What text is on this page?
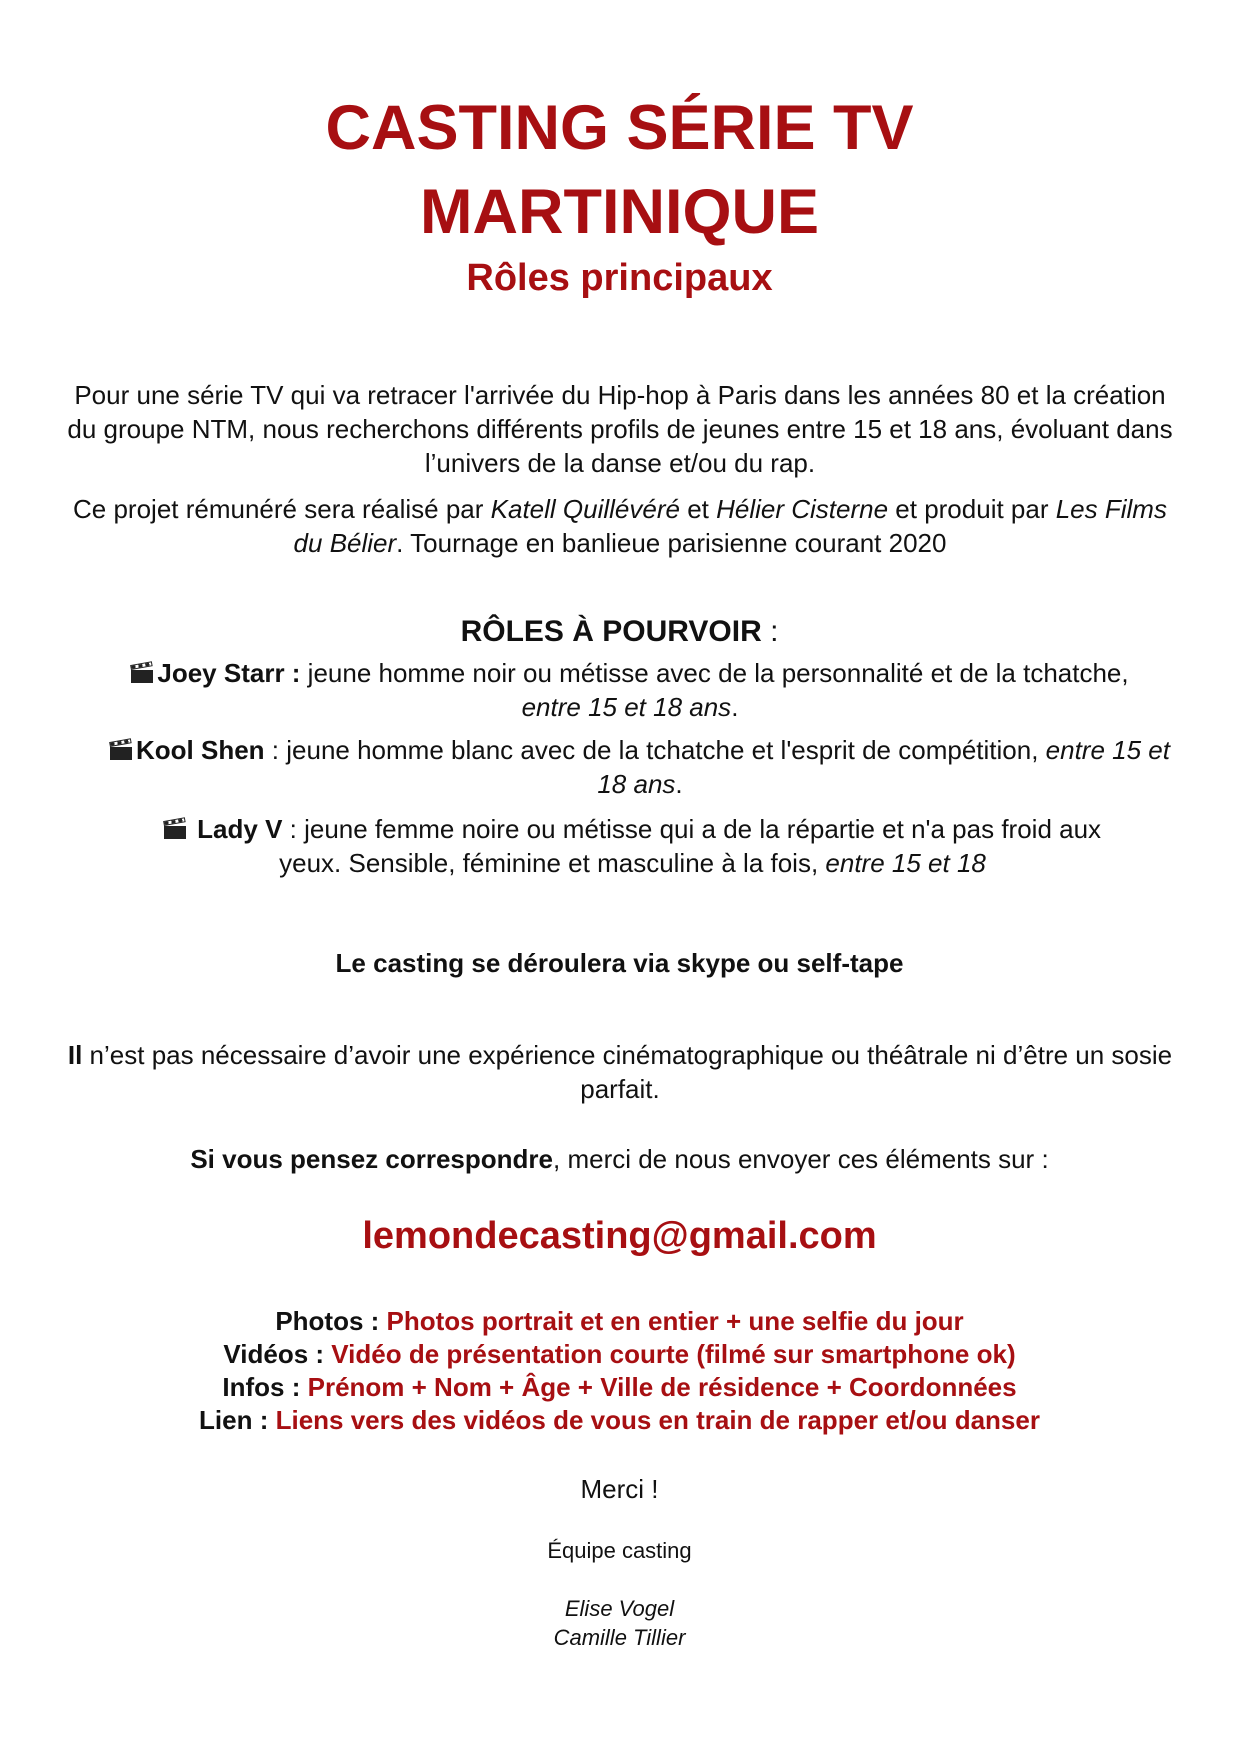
CASTING SÉRIE TV
MARTINIQUE
Rôles principaux

Pour une série TV qui va retracer l'arrivée du Hip-hop à Paris dans les années 80 et la création du groupe NTM, nous recherchons différents profils de jeunes entre 15 et 18 ans, évoluant dans l’univers de la danse et/ou du rap.

Ce projet rémunéré sera réalisé par Katell Quillévéré et Hélier Cisterne et produit par Les Films du Bélier. Tournage en banlieue parisienne courant 2020

RÔLES À POURVOIR :
Joey Starr : jeune homme noir ou métisse avec de la personnalité et de la tchatche, entre 15 et 18 ans.
Kool Shen : jeune homme blanc avec de la tchatche et l'esprit de compétition, entre 15 et 18 ans.
Lady V : jeune femme noire ou métisse qui a de la répartie et n'a pas froid aux yeux. Sensible, féminine et masculine à la fois, entre 15 et 18
Le casting se déroulera via skype ou self-tape
Il n’est pas nécessaire d’avoir une expérience cinématographique ou théâtrale ni d’être un sosie parfait.
Si vous pensez correspondre, merci de nous envoyer ces éléments sur :
lemondecasting@gmail.com
Photos : Photos portrait et en entier + une selfie du jour
Vidéos : Vidéo de présentation courte (filmé sur smartphone ok)
Infos : Prénom + Nom + Âge + Ville de résidence + Coordonnées
Lien : Liens vers des vidéos de vous en train de rapper et/ou danser
Merci !
Équipe casting
Elise Vogel
Camille Tillier
